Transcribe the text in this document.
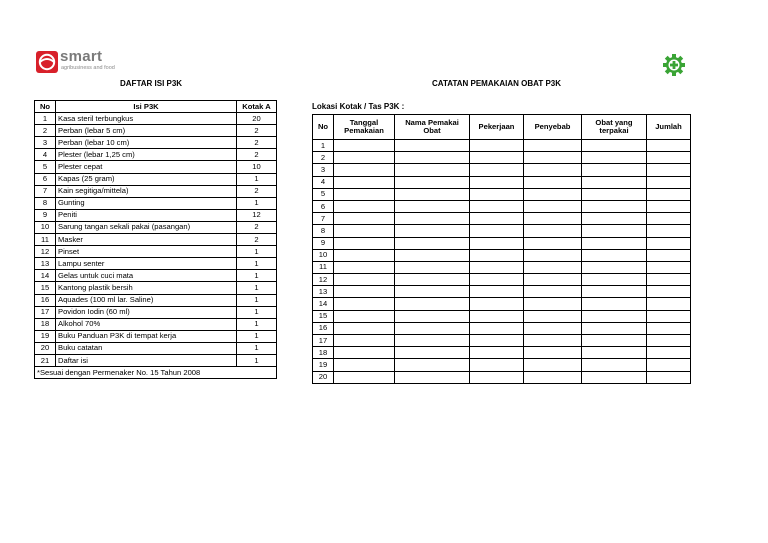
smart
agribusiness and food
DAFTAR ISI P3K	CATATAN PEMAKAIAN OBAT P3K
Lokasi Kotak / Tas P3K :
No	Isi P3K	Kotak A
1	Kasa steril terbungkus	20
2	Perban (lebar 5 cm)	2
3	Perban (lebar 10 cm)	2
4	Plester (lebar 1,25 cm)	2
5	Plester cepat	10
6	Kapas (25 gram)	1
7	Kain segitiga/mittela)	2
8	Gunting	1
9	Peniti	12
10	Sarung tangan sekali pakai (pasangan)	2
11	Masker	2
12	Pinset	1
13	Lampu senter	1
14	Gelas untuk cuci mata	1
15	Kantong plastik bersih	1
16	Aquades (100 ml lar. Saline)	1
17	Povidon Iodin (60 ml)	1
18	Alkohol 70%	1
19	Buku Panduan P3K di tempat kerja	1
20	Buku catatan	1
21	Daftar isi	1
*Sesuai dengan Permenaker No. 15 Tahun 2008		
No	Tanggal Pemakaian	Nama Pemakai Obat	Pekerjaan	Penyebab	Obat yang terpakai	Jumlah
1						
2						
3						
4						
5						
6						
7						
8						
9						
10						
11						
12						
13						
14						
15						
16						
17						
18						
19						
20						
